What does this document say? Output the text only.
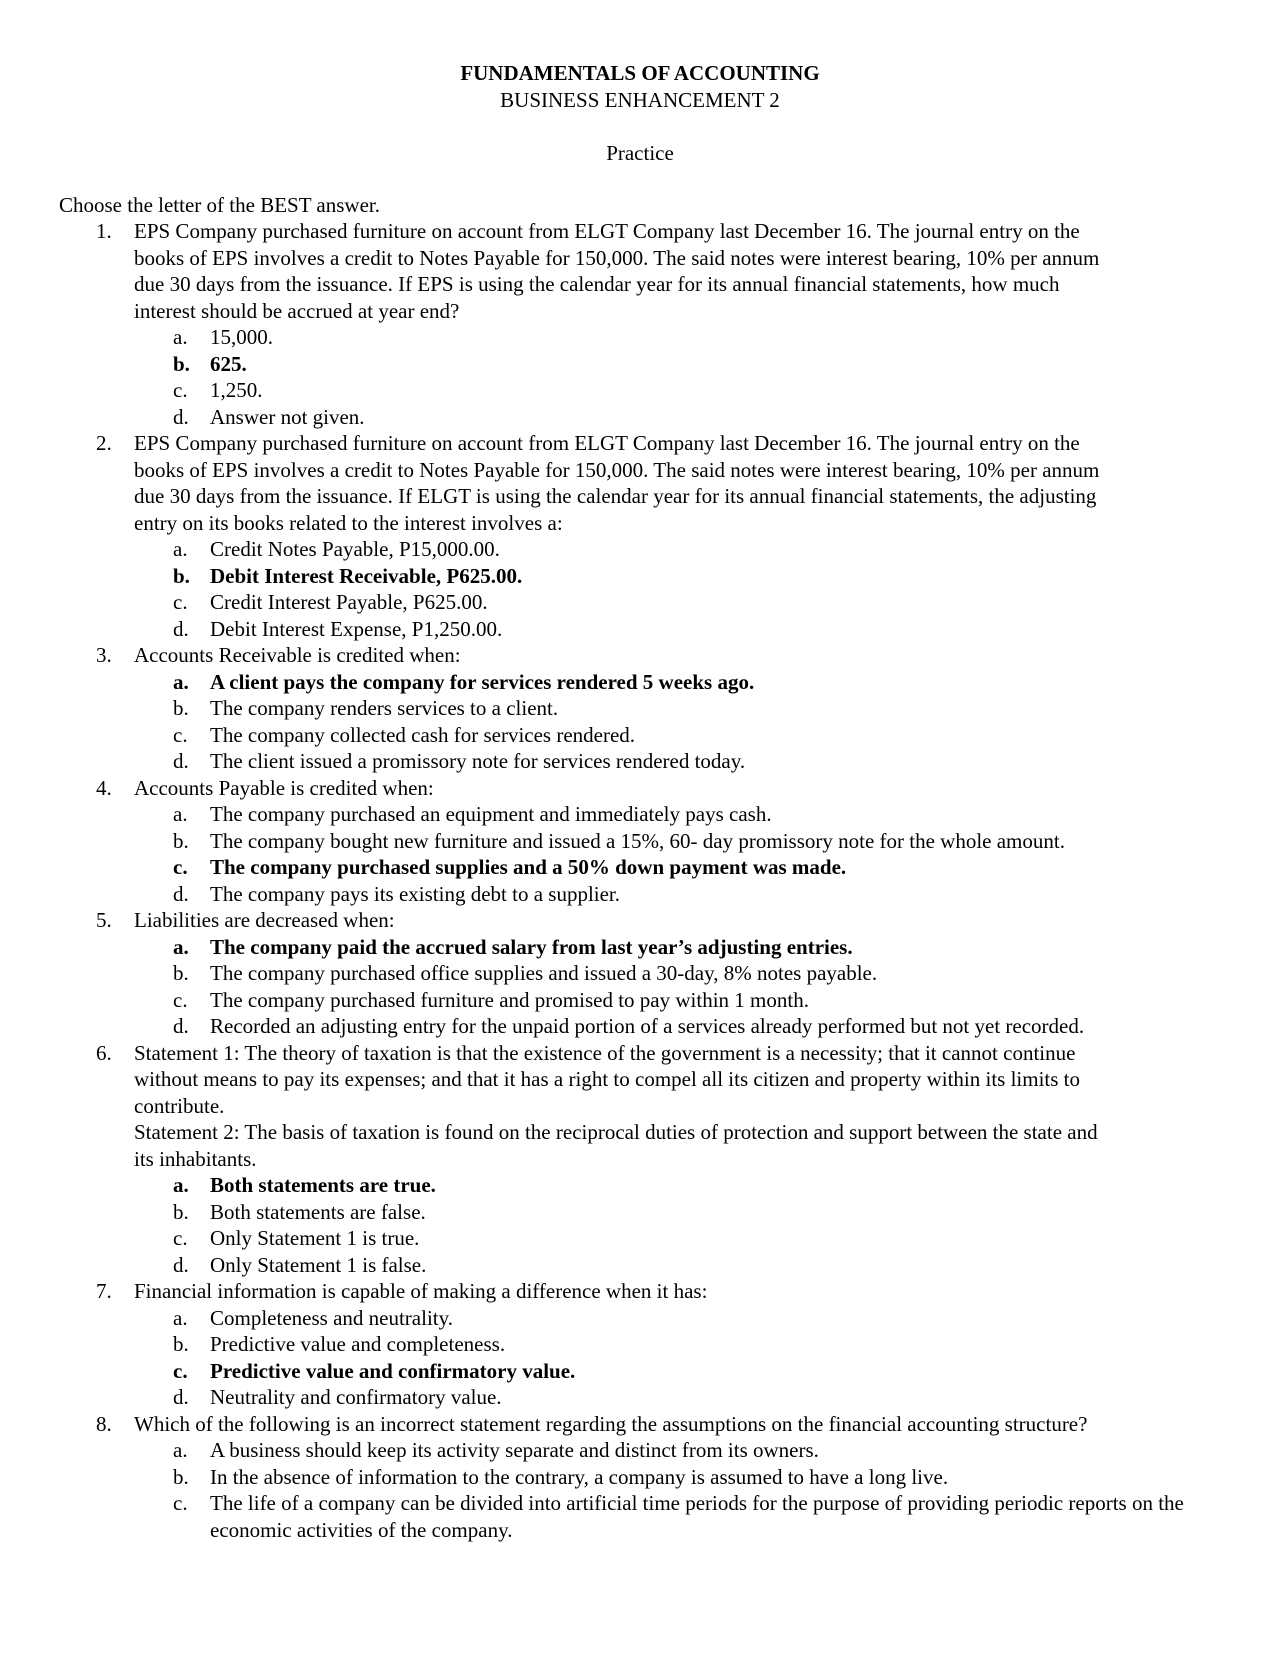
FUNDAMENTALS OF ACCOUNTING
BUSINESS ENHANCEMENT 2
Practice
Choose the letter of the BEST answer.
1. EPS Company purchased furniture on account from ELGT Company last December 16. The journal entry on the
books of EPS involves a credit to Notes Payable for 150,000. The said notes were interest bearing, 10% per annum
due 30 days from the issuance. If EPS is using the calendar year for its annual financial statements, how much
interest should be accrued at year end?
a. 15,000.
b. 625.
c. 1,250.
d. Answer not given.
2. EPS Company purchased furniture on account from ELGT Company last December 16. The journal entry on the
books of EPS involves a credit to Notes Payable for 150,000. The said notes were interest bearing, 10% per annum
due 30 days from the issuance. If ELGT is using the calendar year for its annual financial statements, the adjusting
entry on its books related to the interest involves a:
a. Credit Notes Payable, P15,000.00.
b. Debit Interest Receivable, P625.00.
c. Credit Interest Payable, P625.00.
d. Debit Interest Expense, P1,250.00.
3. Accounts Receivable is credited when:
a. A client pays the company for services rendered 5 weeks ago.
b. The company renders services to a client.
c. The company collected cash for services rendered.
d. The client issued a promissory note for services rendered today.
4. Accounts Payable is credited when:
a. The company purchased an equipment and immediately pays cash.
b. The company bought new furniture and issued a 15%, 60- day promissory note for the whole amount.
c. The company purchased supplies and a 50% down payment was made.
d. The company pays its existing debt to a supplier.
5. Liabilities are decreased when:
a. The company paid the accrued salary from last year’s adjusting entries.
b. The company purchased office supplies and issued a 30-day, 8% notes payable.
c. The company purchased furniture and promised to pay within 1 month.
d. Recorded an adjusting entry for the unpaid portion of a services already performed but not yet recorded.
6. Statement 1: The theory of taxation is that the existence of the government is a necessity; that it cannot continue
without means to pay its expenses; and that it has a right to compel all its citizen and property within its limits to
contribute.
Statement 2: The basis of taxation is found on the reciprocal duties of protection and support between the state and
its inhabitants.
a. Both statements are true.
b. Both statements are false.
c. Only Statement 1 is true.
d. Only Statement 1 is false.
7. Financial information is capable of making a difference when it has:
a. Completeness and neutrality.
b. Predictive value and completeness.
c. Predictive value and confirmatory value.
d. Neutrality and confirmatory value.
8. Which of the following is an incorrect statement regarding the assumptions on the financial accounting structure?
a. A business should keep its activity separate and distinct from its owners.
b. In the absence of information to the contrary, a company is assumed to have a long live.
c. The life of a company can be divided into artificial time periods for the purpose of providing periodic reports on the economic activities of the company.
